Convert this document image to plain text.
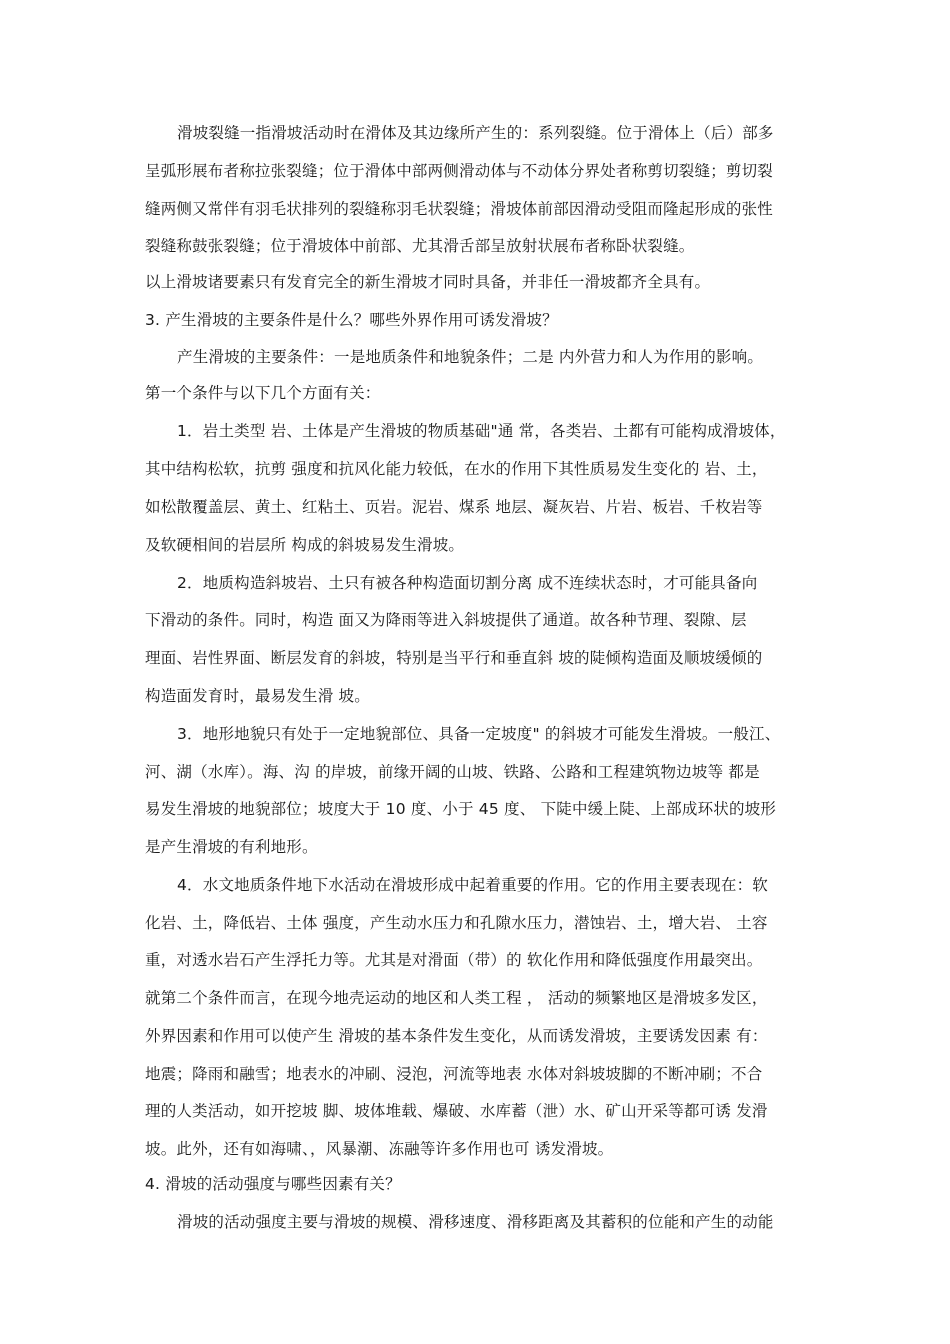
滑坡裂缝一指滑坡活动时在滑体及其边缘所产生的：系列裂缝。位于滑体上（后）部多
呈弧形展布者称拉张裂缝；位于滑体中部两侧滑动体与不动体分界处者称剪切裂缝；剪切裂
缝两侧又常伴有羽毛状排列的裂缝称羽毛状裂缝；滑坡体前部因滑动受阻而隆起形成的张性
裂缝称鼓张裂缝；位于滑坡体中前部、尤其滑舌部呈放射状展布者称卧状裂缝。
以上滑坡诸要素只有发育完全的新生滑坡才同时具备，并非任一滑坡都齐全具有。
3. 产生滑坡的主要条件是什么？哪些外界作用可诱发滑坡？
产生滑坡的主要条件：一是地质条件和地貌条件；二是 内外营力和人为作用的影响。
第一个条件与以下几个方面有关：
1．岩土类型 岩、土体是产生滑坡的物质基础"通 常，各类岩、土都有可能构成滑坡体，
其中结构松软，抗剪 强度和抗风化能力较低，在水的作用下其性质易发生变化的 岩、土，
如松散覆盖层、黄土、红粘土、页岩。泥岩、煤系 地层、凝灰岩、片岩、板岩、千枚岩等
及软硬相间的岩层所 构成的斜坡易发生滑坡。
2．地质构造斜坡岩、土只有被各种构造面切割分离 成不连续状态时，才可能具备向
下滑动的条件。同时，构造 面又为降雨等进入斜坡提供了通道。故各种节理、裂隙、层
理面、岩性界面、断层发育的斜坡，特别是当平行和垂直斜 坡的陡倾构造面及顺坡缓倾的
构造面发育时，最易发生滑 坡。
3．地形地貌只有处于一定地貌部位、具备一定坡度" 的斜坡才可能发生滑坡。一般江、
河、湖（水库）。海、沟 的岸坡，前缘开阔的山坡、铁路、公路和工程建筑物边坡等 都是
易发生滑坡的地貌部位；坡度大于 10 度、小于 45 度、 下陡中缓上陡、上部成环状的坡形
是产生滑坡的有利地形。
4．水文地质条件地下水活动在滑坡形成中起着重要的作用。它的作用主要表现在：软
化岩、土，降低岩、土体 强度，产生动水压力和孔隙水压力，潜蚀岩、土，增大岩、 土容
重，对透水岩石产生浮托力等。尤其是对滑面（带）的 软化作用和降低强度作用最突出。
就第二个条件而言，在现今地壳运动的地区和人类工程 ， 活动的频繁地区是滑坡多发区，
外界因素和作用可以使产生 滑坡的基本条件发生变化，从而诱发滑坡，主要诱发因素 有：
地震；降雨和融雪；地表水的冲刷、浸泡，河流等地表 水体对斜坡坡脚的不断冲刷；不合
理的人类活动，如开挖坡 脚、坡体堆载、爆破、水库蓄（泄）水、矿山开采等都可诱 发滑
坡。此外，还有如海啸、，风暴潮、冻融等许多作用也可 诱发滑坡。
4. 滑坡的活动强度与哪些因素有关？
滑坡的活动强度主要与滑坡的规模、滑移速度、滑移距离及其蓄积的位能和产生的动能
